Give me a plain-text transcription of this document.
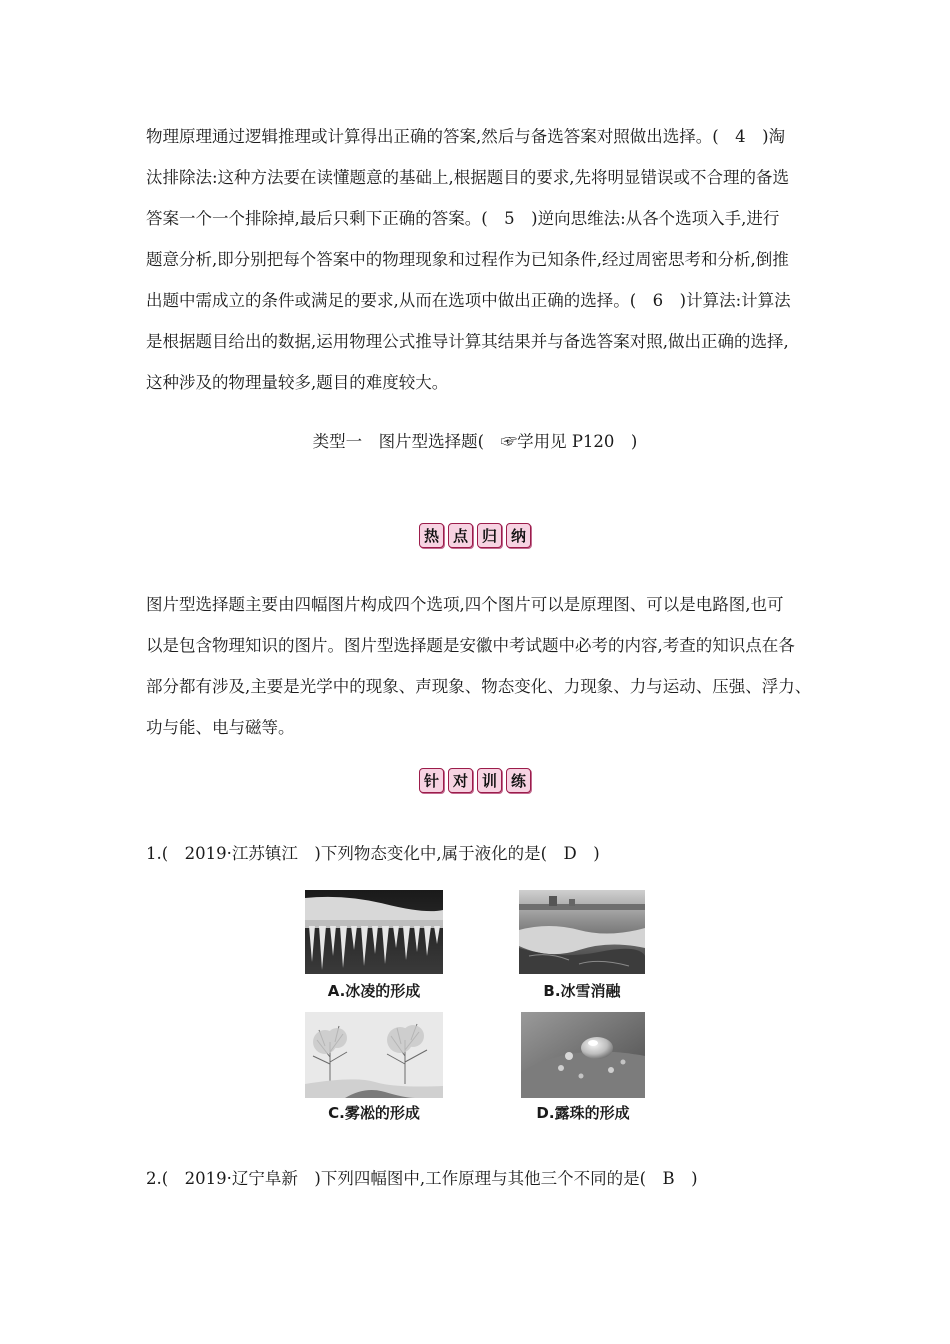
物理原理通过逻辑推理或计算得出正确的答案,然后与备选答案对照做出选择。(　4　)淘
汰排除法:这种方法要在读懂题意的基础上,根据题目的要求,先将明显错误或不合理的备选
答案一个一个排除掉,最后只剩下正确的答案。(　5　)逆向思维法:从各个选项入手,进行
题意分析,即分别把每个答案中的物理现象和过程作为已知条件,经过周密思考和分析,倒推
出题中需成立的条件或满足的要求,从而在选项中做出正确的选择。(　6　)计算法:计算法
是根据题目给出的数据,运用物理公式推导计算其结果并与备选答案对照,做出正确的选择,
这种涉及的物理量较多,题目的难度较大。
类型一　图片型选择题(　☞学用见 P120　)
热 点 归 纳
图片型选择题主要由四幅图片构成四个选项,四个图片可以是原理图、可以是电路图,也可
以是包含物理知识的图片。图片型选择题是安徽中考试题中必考的内容,考查的知识点在各
部分都有涉及,主要是光学中的现象、声现象、物态变化、力现象、力与运动、压强、浮力、
功与能、电与磁等。
针 对 训 练
1.(　2019·江苏镇江　)下列物态变化中,属于液化的是(　D　)
A.冰凌的形成	B.冰雪消融
C.雾凇的形成	D.露珠的形成
2.(　2019·辽宁阜新　)下列四幅图中,工作原理与其他三个不同的是(　B　)
